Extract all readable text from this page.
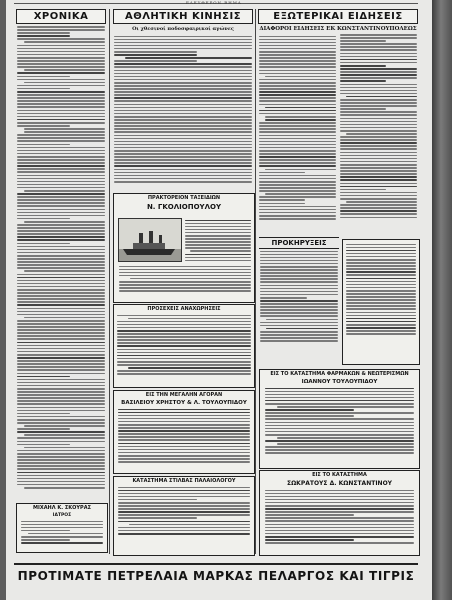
ΕΛΕΥΘΕΡΟΝ ΒΗΜΑ
ΧΡΟΝΙΚΑ	ΑΘΛΗΤΙΚΗ ΚΙΝΗΣΙΣ
Οι χθεσινοί ποδοσφαιρικοί αγώνες
ΕΞΩΤΕΡΙΚΑΙ ΕΙΔΗΣΕΙΣ
ΔΙΑΦΟΡΟΙ ΕΙΔΗΣΕΙΣ ΕΚ ΚΩΝΣΤΑΝΤΙΝΟΥΠΟΛΕΩΣ
ΠΡΑΚΤΟΡΕΙΟΝ ΤΑΞΕΙΔΙΩΝ
Ν. ΓΚΟΛΙΟΠΟΥΛΟΥ
ΠΡΟΣΕΧΕΙΣ ΑΝΑΧΩΡΗΣΕΙΣ
ΕΙΣ ΤΗΝ ΜΕΓΑΛΗΝ ΑΓΟΡΑΝ
ΒΑΣΙΛΕΙΟΥ ΧΡΗΣΤΟΥ & Λ. ΤΟΥΛΟΥΠΙΔΟΥ
ΚΑΤΑΣΤΗΜΑ ΣΤΙΛΒΑΣ ΠΑΛΑΙΟΛΟΓΟΥ
ΜΙΧΑΗΛ Κ. ΣΚΟΥΡΑΣ
ΙΑΤΡΟΣ
ΠΡΟΚΗΡΥΞΕΙΣ
ΕΙΣ ΤΟ ΚΑΤΑΣΤΗΜΑ ΦΑΡΜΑΚΩΝ & ΝΕΩΤΕΡΙΣΜΩΝ
ΙΩΑΝΝΟΥ ΤΟΥΛΟΥΠΙΔΟΥ
ΕΙΣ ΤΟ ΚΑΤΑΣΤΗΜΑ
ΣΩΚΡΑΤΟΥΣ Δ. ΚΩΝΣΤΑΝΤΙΝΟΥ
ΠΡΟΤΙΜΑΤΕ ΠΕΤΡΕΛΑΙΑ ΜΑΡΚΑΣ ΠΕΛΑΡΓΟΣ ΚΑΙ ΤΙΓΡΙΣ
